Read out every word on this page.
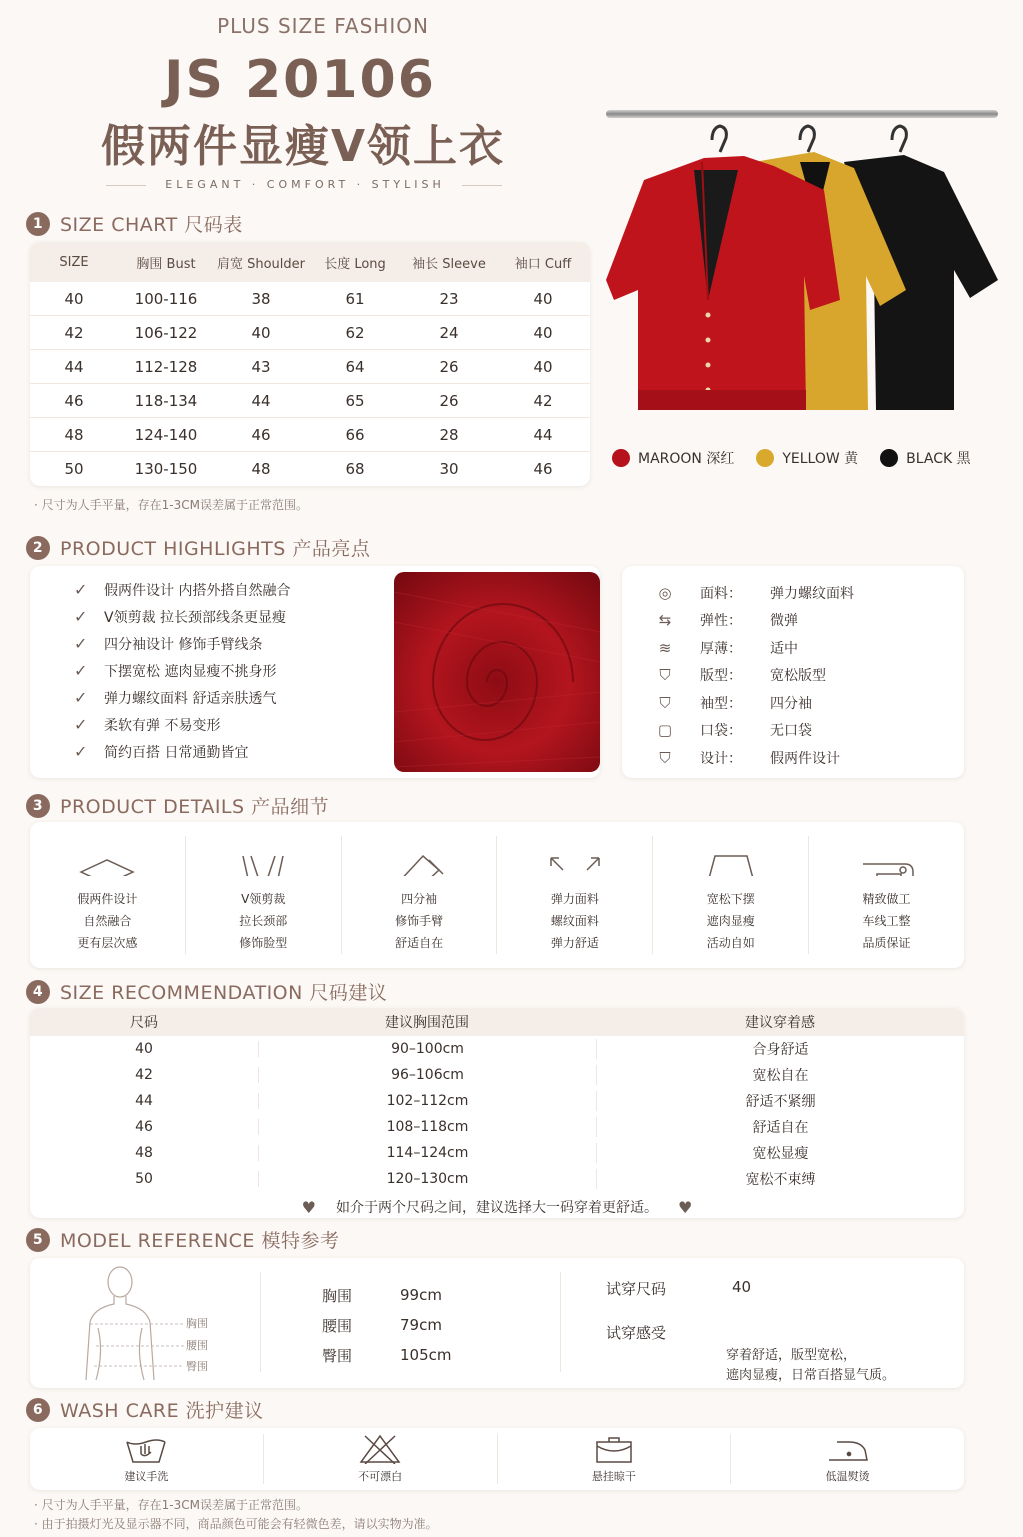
PLUS SIZE FASHION
JS 20106
假两件显瘦V领上衣
ELEGANT · COMFORT · STYLISH
1 SIZE CHART 尺码表
SIZE	胸围 Bust	肩宽 Shoulder	长度 Long	袖长 Sleeve	袖口 Cuff
40	100-116	38	61	23	40
42	106-122	40	62	24	40
44	112-128	43	64	26	40
46	118-134	44	65	26	42
48	124-140	46	66	28	44
50	130-150	48	68	30	46
· 尺寸为人手平量，存在1-3CM误差属于正常范围。
MAROON 深红	YELLOW 黄	BLACK 黑
2 PRODUCT HIGHLIGHTS 产品亮点
✓ 假两件设计 内搭外搭自然融合
✓ V领剪裁 拉长颈部线条更显瘦
✓ 四分袖设计 修饰手臂线条
✓ 下摆宽松 遮肉显瘦不挑身形
✓ 弹力螺纹面料 舒适亲肤透气
✓ 柔软有弹 不易变形
✓ 简约百搭 日常通勤皆宜
◎	面料：	弹力螺纹面料
⇆	弹性：	微弹
≋	厚薄：	适中
⛉	版型：	宽松版型
⛉	袖型：	四分袖
▢	口袋：	无口袋
⛉	设计：	假两件设计
3 PRODUCT DETAILS 产品细节
假两件设计
自然融合
更有层次感
V领剪裁
拉长颈部
修饰脸型
四分袖
修饰手臂
舒适自在
弹力面料
螺纹面料
弹力舒适
宽松下摆
遮肉显瘦
活动自如
精致做工
车线工整
品质保证
4 SIZE RECOMMENDATION 尺码建议
尺码	建议胸围范围	建议穿着感
40	90–100cm	合身舒适
42	96–106cm	宽松自在
44	102–112cm	舒适不紧绷
46	108–118cm	舒适自在
48	114–124cm	宽松显瘦
50	120–130cm	宽松不束缚
♥ 如介于两个尺码之间，建议选择大一码穿着更舒适。 ♥
5 MODEL REFERENCE 模特参考
胸围
腰围
臀围
胸围	99cm
腰围	79cm
臀围	105cm
试穿尺码	40
试穿感受
穿着舒适，版型宽松，
遮肉显瘦，日常百搭显气质。
6 WASH CARE 洗护建议
建议手洗	不可漂白	悬挂晾干	低温熨烫
· 尺寸为人手平量，存在1-3CM误差属于正常范围。
· 由于拍摄灯光及显示器不同，商品颜色可能会有轻微色差，请以实物为准。
